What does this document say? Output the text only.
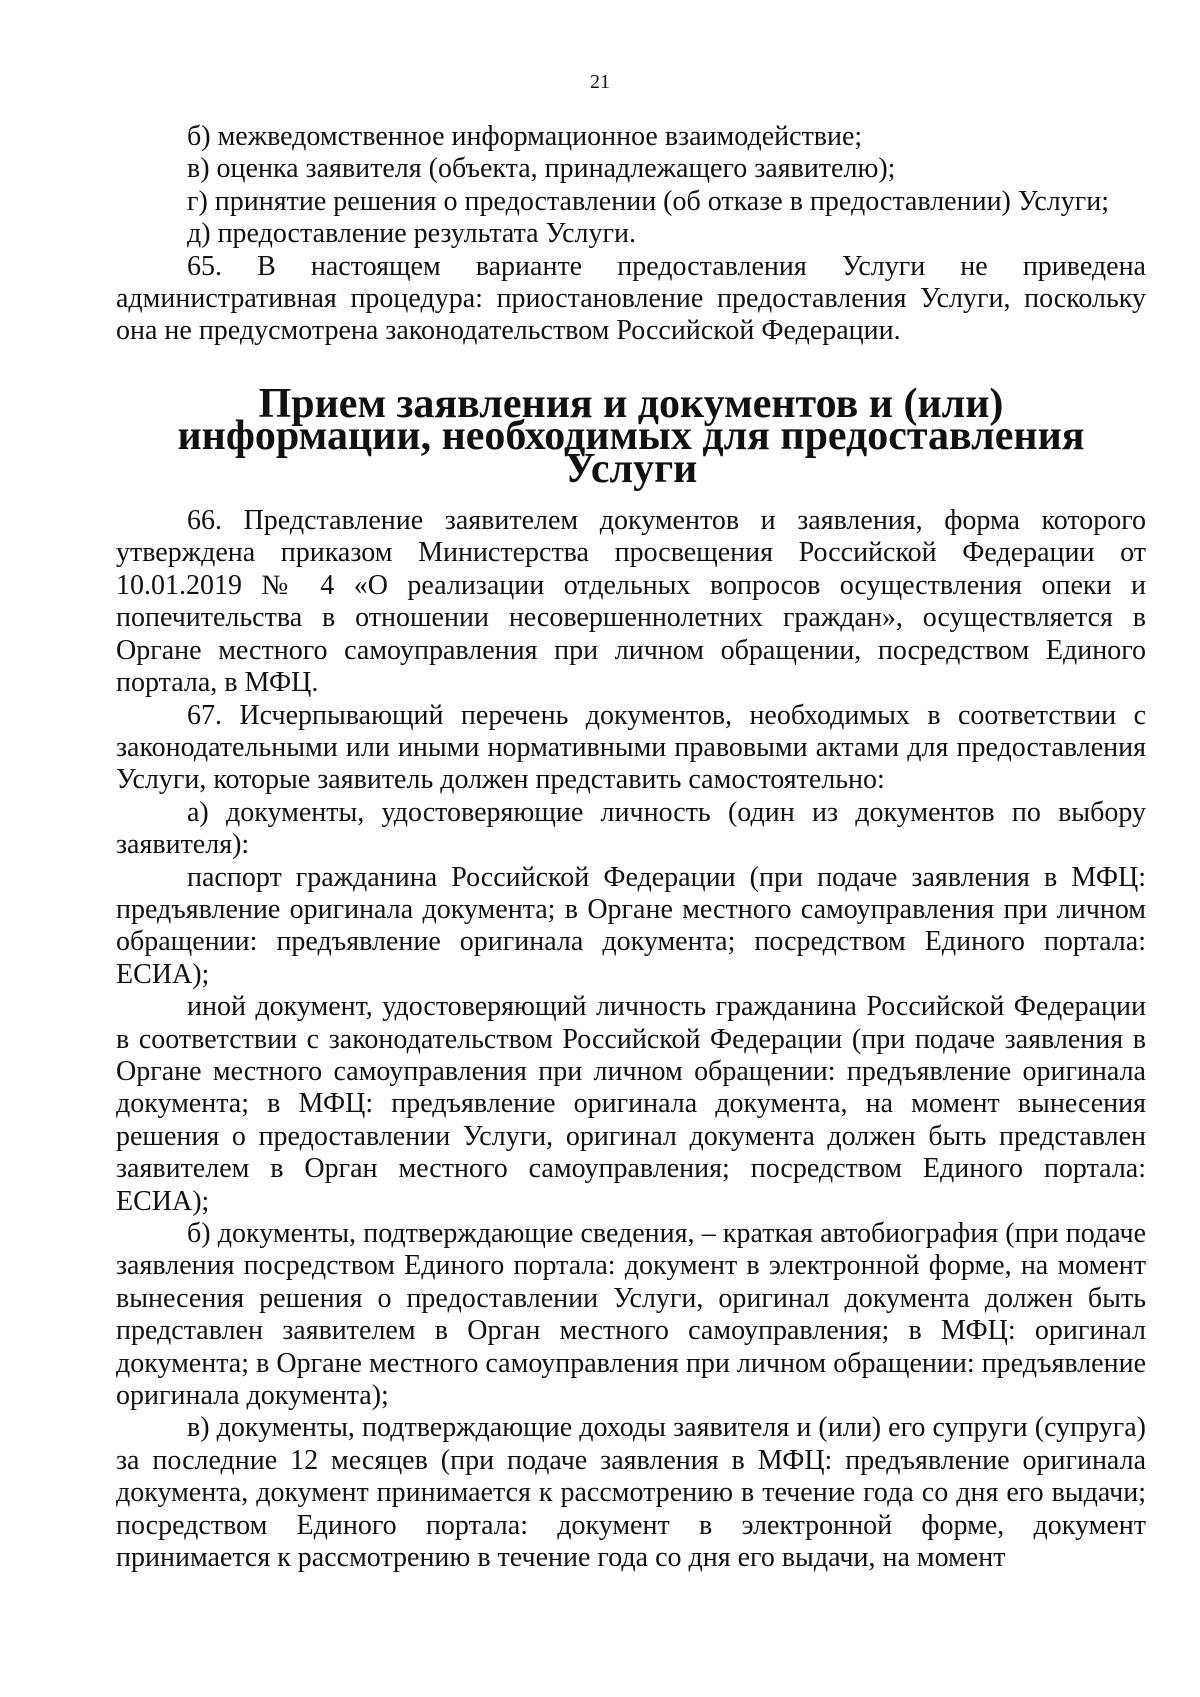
21

б) межведомственное информационное взаимодействие;

в) оценка заявителя (объекта, принадлежащего заявителю);

г) принятие решения о предоставлении (об отказе в предоставлении) Услуги;

д) предоставление результата Услуги.

65. В настоящем варианте предоставления Услуги не приведена административная процедура: приостановление предоставления Услуги, поскольку она не предусмотрена законодательством Российской Федерации.

Прием заявления и документов и (или) информации, необходимых для предоставления Услуги

66. Представление заявителем документов и заявления, форма которого утверждена приказом Министерства просвещения Российской Федерации от 10.01.2019 № 4 «О реализации отдельных вопросов осуществления опеки и попечительства в отношении несовершеннолетних граждан», осуществляется в Органе местного самоуправления при личном обращении, посредством Единого портала, в МФЦ.

67. Исчерпывающий перечень документов, необходимых в соответствии с законодательными или иными нормативными правовыми актами для предоставления Услуги, которые заявитель должен представить самостоятельно:

а) документы, удостоверяющие личность (один из документов по выбору заявителя):

паспорт гражданина Российской Федерации (при подаче заявления в МФЦ: предъявление оригинала документа; в Органе местного самоуправления при личном обращении: предъявление оригинала документа; посредством Единого портала: ЕСИА);

иной документ, удостоверяющий личность гражданина Российской Федерации в соответствии с законодательством Российской Федерации (при подаче заявления в Органе местного самоуправления при личном обращении: предъявление оригинала документа; в МФЦ: предъявление оригинала документа, на момент вынесения решения о предоставлении Услуги, оригинал документа должен быть представлен заявителем в Орган местного самоуправления; посредством Единого портала: ЕСИА);

б) документы, подтверждающие сведения, – краткая автобиография (при подаче заявления посредством Единого портала: документ в электронной форме, на момент вынесения решения о предоставлении Услуги, оригинал документа должен быть представлен заявителем в Орган местного самоуправления; в МФЦ: оригинал документа; в Органе местного самоуправления при личном обращении: предъявление оригинала документа);

в) документы, подтверждающие доходы заявителя и (или) его супруги (супруга) за последние 12 месяцев (при подаче заявления в МФЦ: предъявление оригинала документа, документ принимается к рассмотрению в течение года со дня его выдачи; посредством Единого портала: документ в электронной форме, документ принимается к рассмотрению в течение года со дня его выдачи, на момент
